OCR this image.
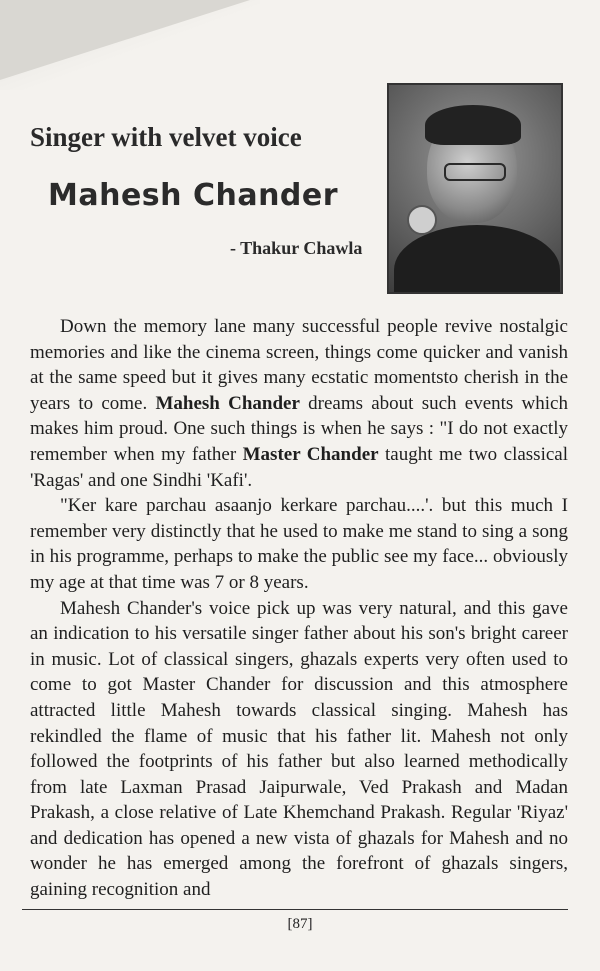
Singer with velvet voice
Mahesh Chander
- Thakur Chawla

Down the memory lane many successful people revive nostalgic memories and like the cinema screen, things come quicker and vanish at the same speed but it gives many ecstatic momentsto cherish in the years to come. Mahesh Chander dreams about such events which makes him proud. One such things is when he says : "I do not exactly remember when my father Master Chander taught me two classical 'Ragas' and one Sindhi 'Kafi'.

"Ker kare parchau asaanjo kerkare parchau....'. but this much I remember very distinctly that he used to make me stand to sing a song in his programme, perhaps to make the public see my face... obviously my age at that time was 7 or 8 years.

Mahesh Chander's voice pick up was very natural, and this gave an indication to his versatile singer father about his son's bright career in music. Lot of classical singers, ghazals experts very often used to come to got Master Chander for discussion and this atmosphere attracted little Mahesh towards classical singing. Mahesh has rekindled the flame of music that his father lit. Mahesh not only followed the footprints of his father but also learned methodically from late Laxman Prasad Jaipurwale, Ved Prakash and Madan Prakash, a close relative of Late Khemchand Prakash. Regular 'Riyaz' and dedication has opened a new vista of ghazals for Mahesh and no wonder he has emerged among the forefront of ghazals singers, gaining recognition and

[87]
